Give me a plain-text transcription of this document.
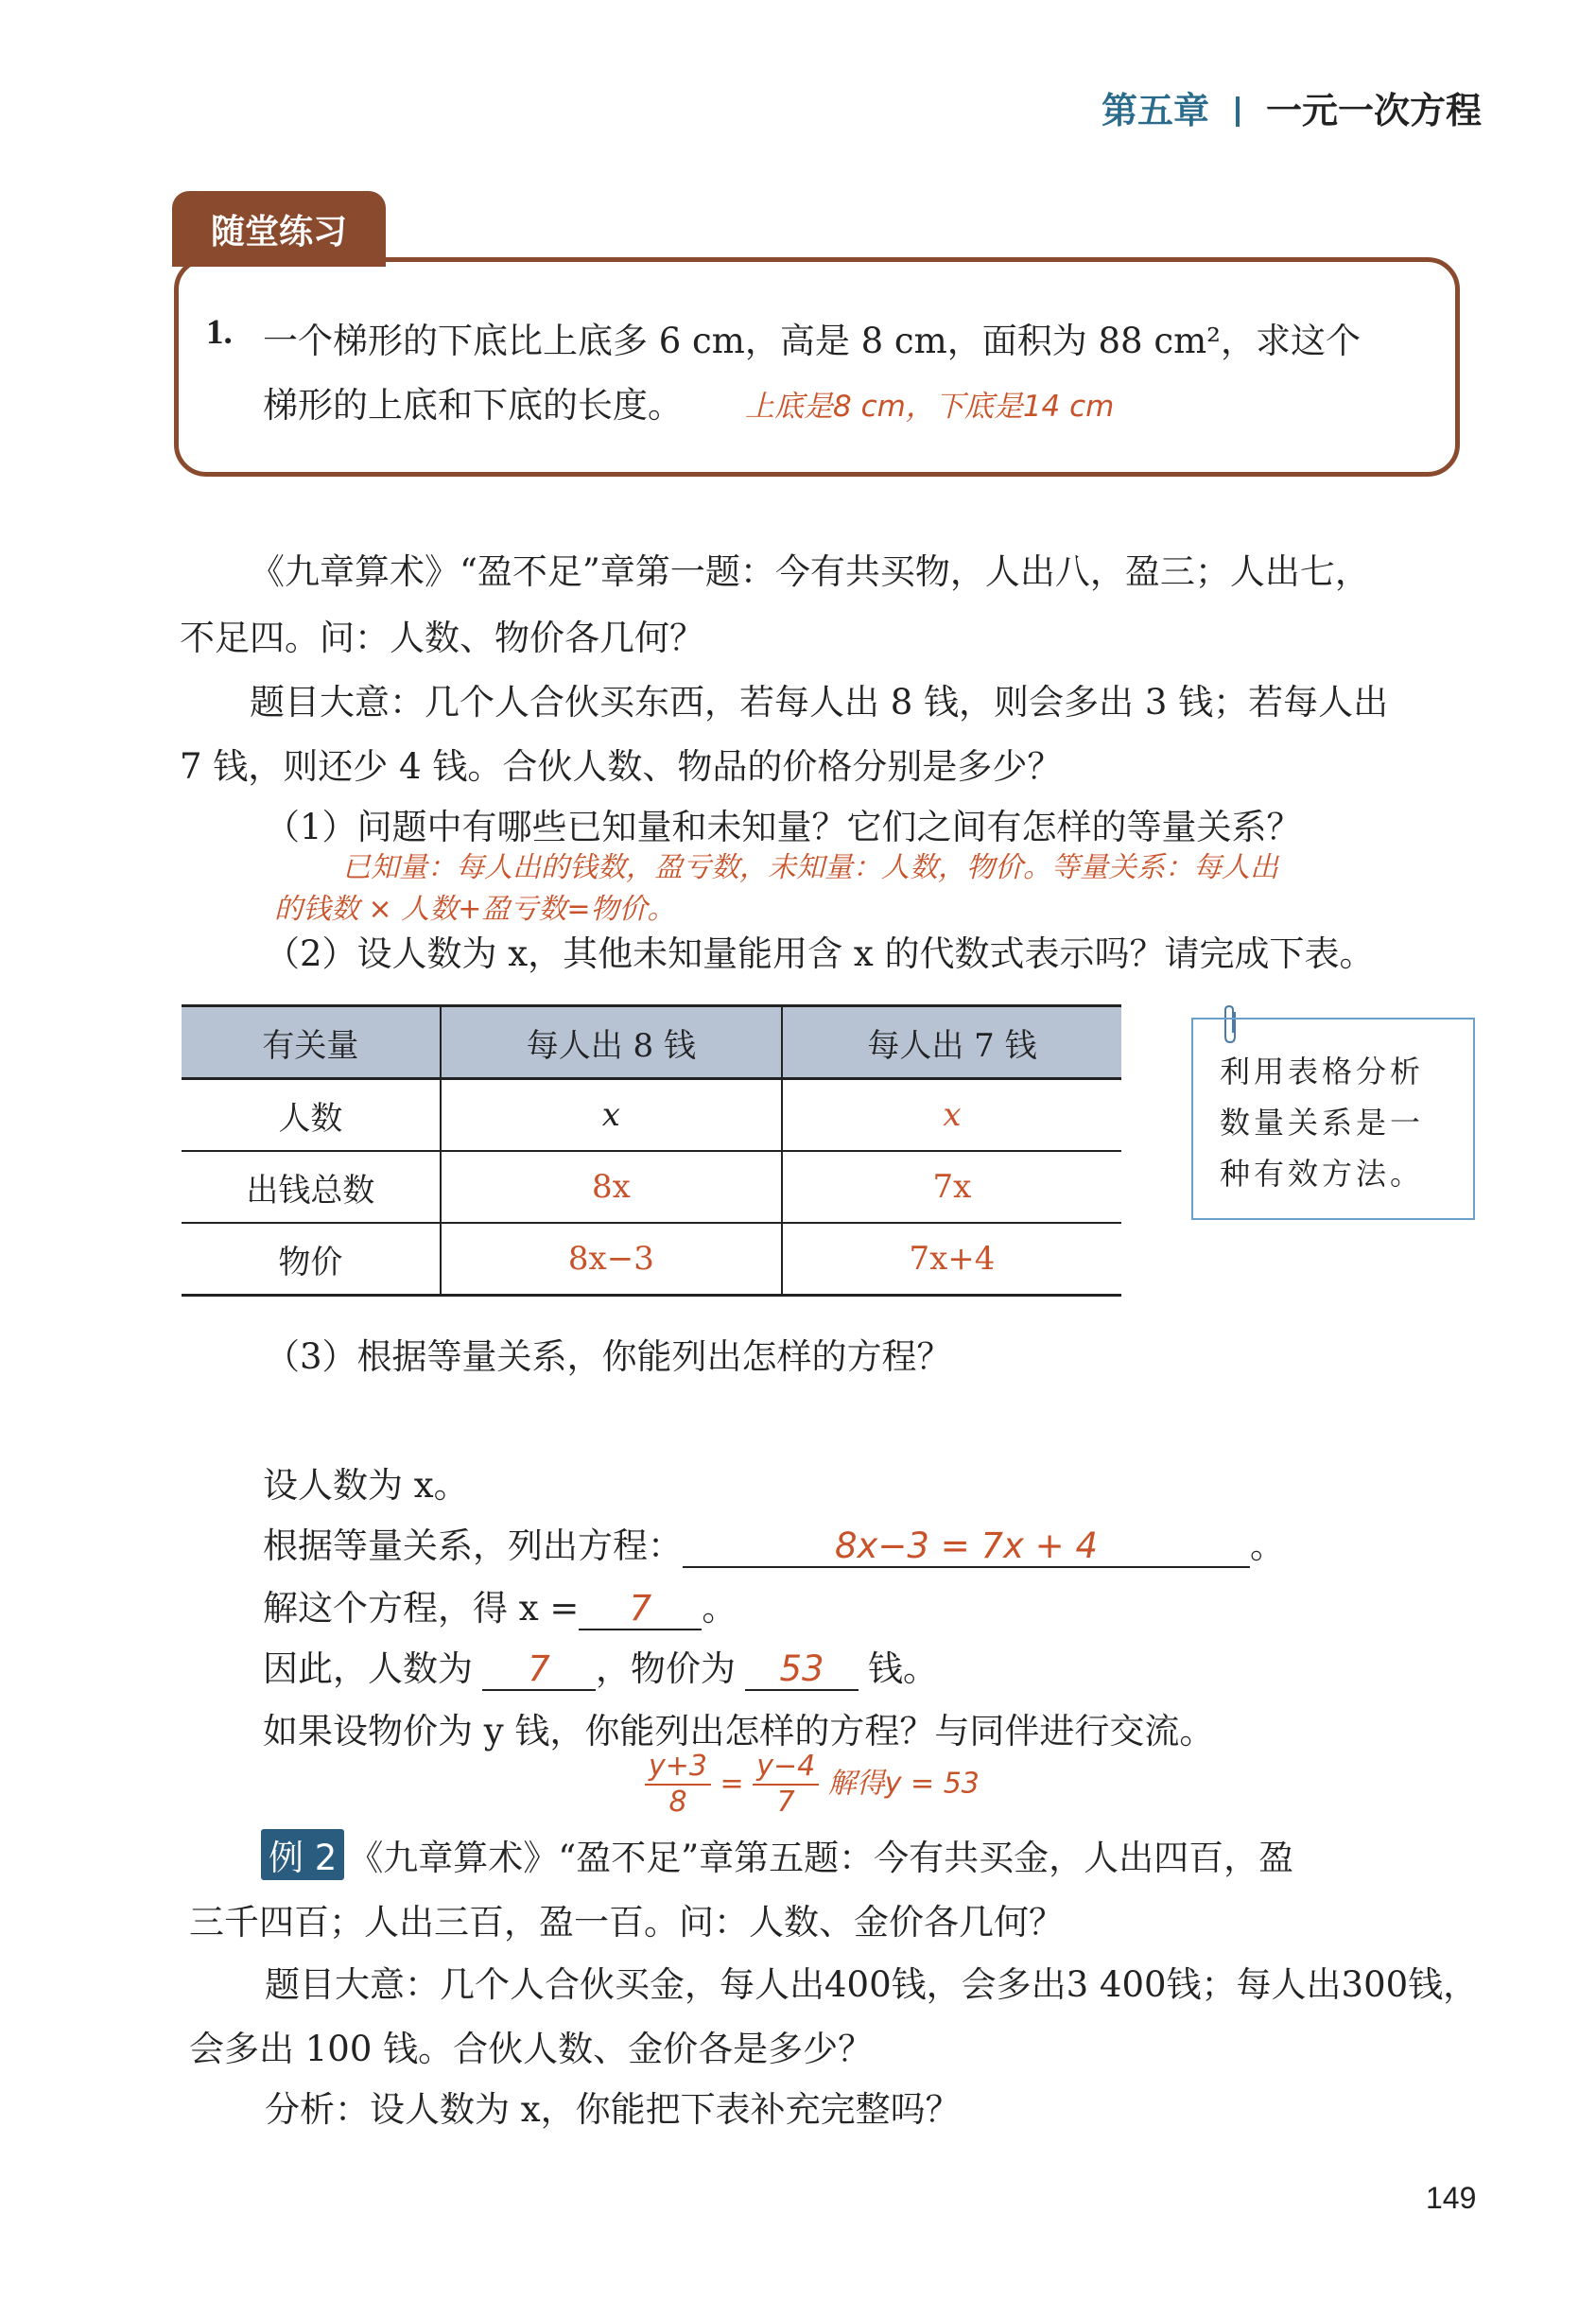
第五章 一元一次方程
随堂练习
1. 一个梯形的下底比上底多 6 cm，高是 8 cm，面积为 88 cm²，求这个
梯形的上底和下底的长度。 上底是8 cm，下底是14 cm
《九章算术》“盈不足”章第一题：今有共买物，人出八，盈三；人出七，
不足四。问：人数、物价各几何？
题目大意：几个人合伙买东西，若每人出 8 钱，则会多出 3 钱；若每人出
7 钱，则还少 4 钱。合伙人数、物品的价格分别是多少？
（1）问题中有哪些已知量和未知量？它们之间有怎样的等量关系？
已知量：每人出的钱数，盈亏数，未知量：人数，物价。等量关系：每人出
的钱数 × 人数+盈亏数=物价。
（2）设人数为 x，其他未知量能用含 x 的代数式表示吗？请完成下表。
有关量	每人出 8 钱	每人出 7 钱
人数	x	x
出钱总数	8x	7x
物价	8x−3	7x+4
利用表格分析
数量关系是一
种有效方法。
（3）根据等量关系，你能列出怎样的方程？
设人数为 x。
根据等量关系，列出方程：	8x−3 = 7x + 4	。
解这个方程，得 x = 7 。
因此，人数为 7 ，物价为 53 钱。
如果设物价为 y 钱，你能列出怎样的方程？与同伴进行交流。
$\frac{y+3}{8} = \frac{y-4}{7}$ 解得y = 53
例 2 《九章算术》“盈不足”章第五题：今有共买金，人出四百，盈
三千四百；人出三百，盈一百。问：人数、金价各几何？
题目大意：几个人合伙买金，每人出400钱，会多出3 400钱；每人出300钱，
会多出 100 钱。合伙人数、金价各是多少？
分析：设人数为 x，你能把下表补充完整吗？
149
